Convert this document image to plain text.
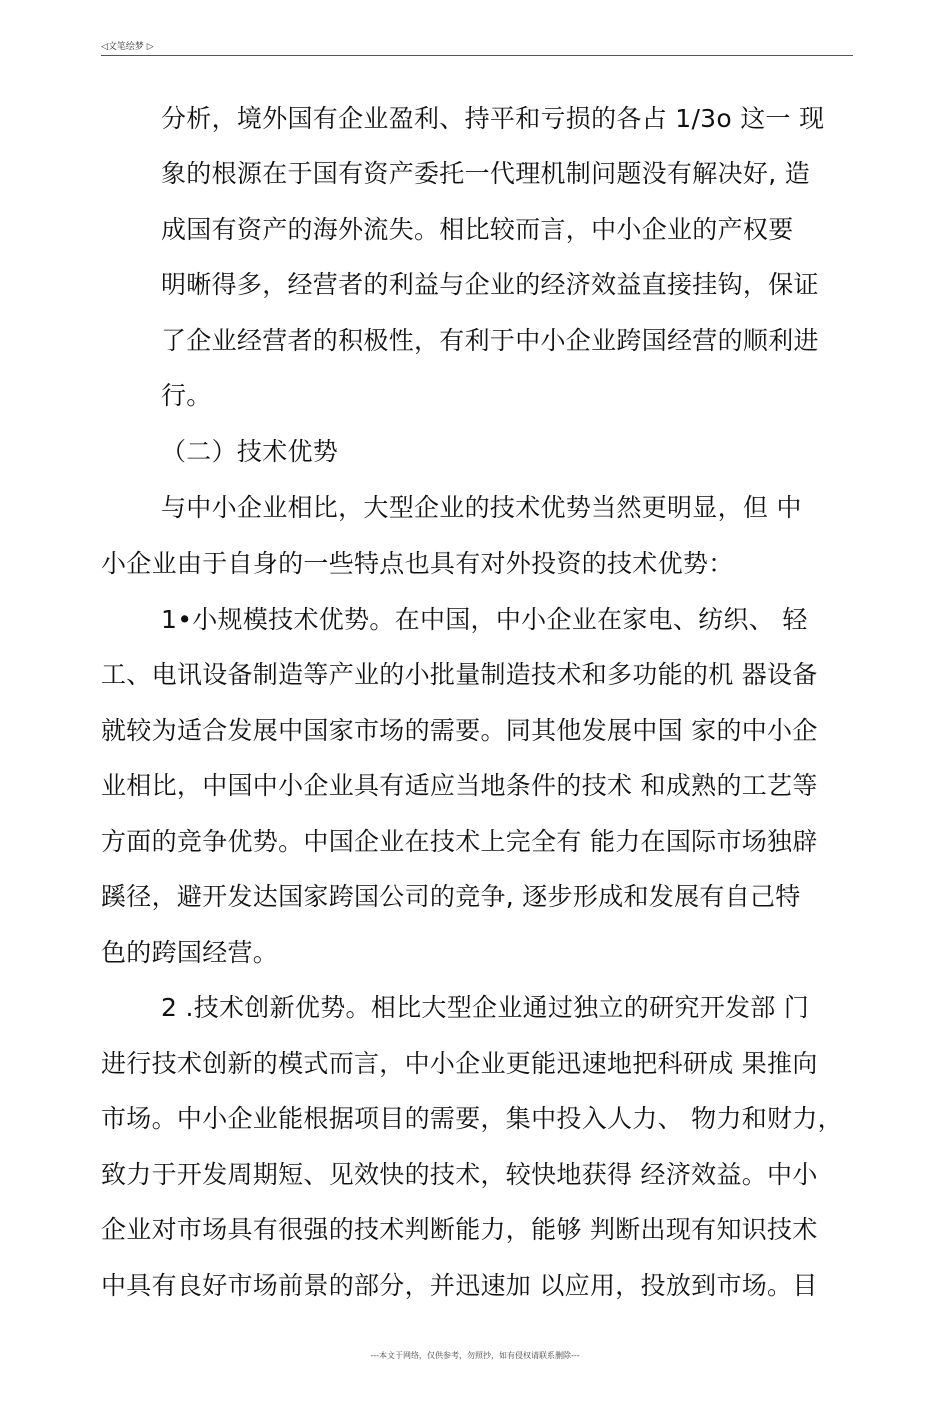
◁文笔绘梦 ▷

分析，境外国有企业盈利、持平和亏损的各占 1/3o 这一 现

象的根源在于国有资产委托一代理机制问题没有解决好, 造

成国有资产的海外流失。相比较而言，中小企业的产权要

明晰得多，经营者的利益与企业的经济效益直接挂钩，保证

了企业经营者的积极性，有利于中小企业跨国经营的顺利进

行。

（二）技术优势

与中小企业相比，大型企业的技术优势当然更明显，但 中

小企业由于自身的一些特点也具有对外投资的技术优势：

1•小规模技术优势。在中国，中小企业在家电、纺织、 轻

工、电讯设备制造等产业的小批量制造技术和多功能的机 器设备

就较为适合发展中国家市场的需要。同其他发展中国 家的中小企

业相比，中国中小企业具有适应当地条件的技术 和成熟的工艺等

方面的竞争优势。中国企业在技术上完全有 能力在国际市场独辟

蹊径，避开发达国家跨国公司的竞争, 逐步形成和发展有自己特

色的跨国经营。

2 .技术创新优势。相比大型企业通过独立的研究开发部 门

进行技术创新的模式而言，中小企业更能迅速地把科研成 果推向

市场。中小企业能根据项目的需要，集中投入人力、 物力和财力，

致力于开发周期短、见效快的技术，较快地获得 经济效益。中小

企业对市场具有很强的技术判断能力，能够 判断出现有知识技术

中具有良好市场前景的部分，并迅速加 以应用，投放到市场。目

---本文于网络，仅供参考，勿照抄，如有侵权请联系删除---
